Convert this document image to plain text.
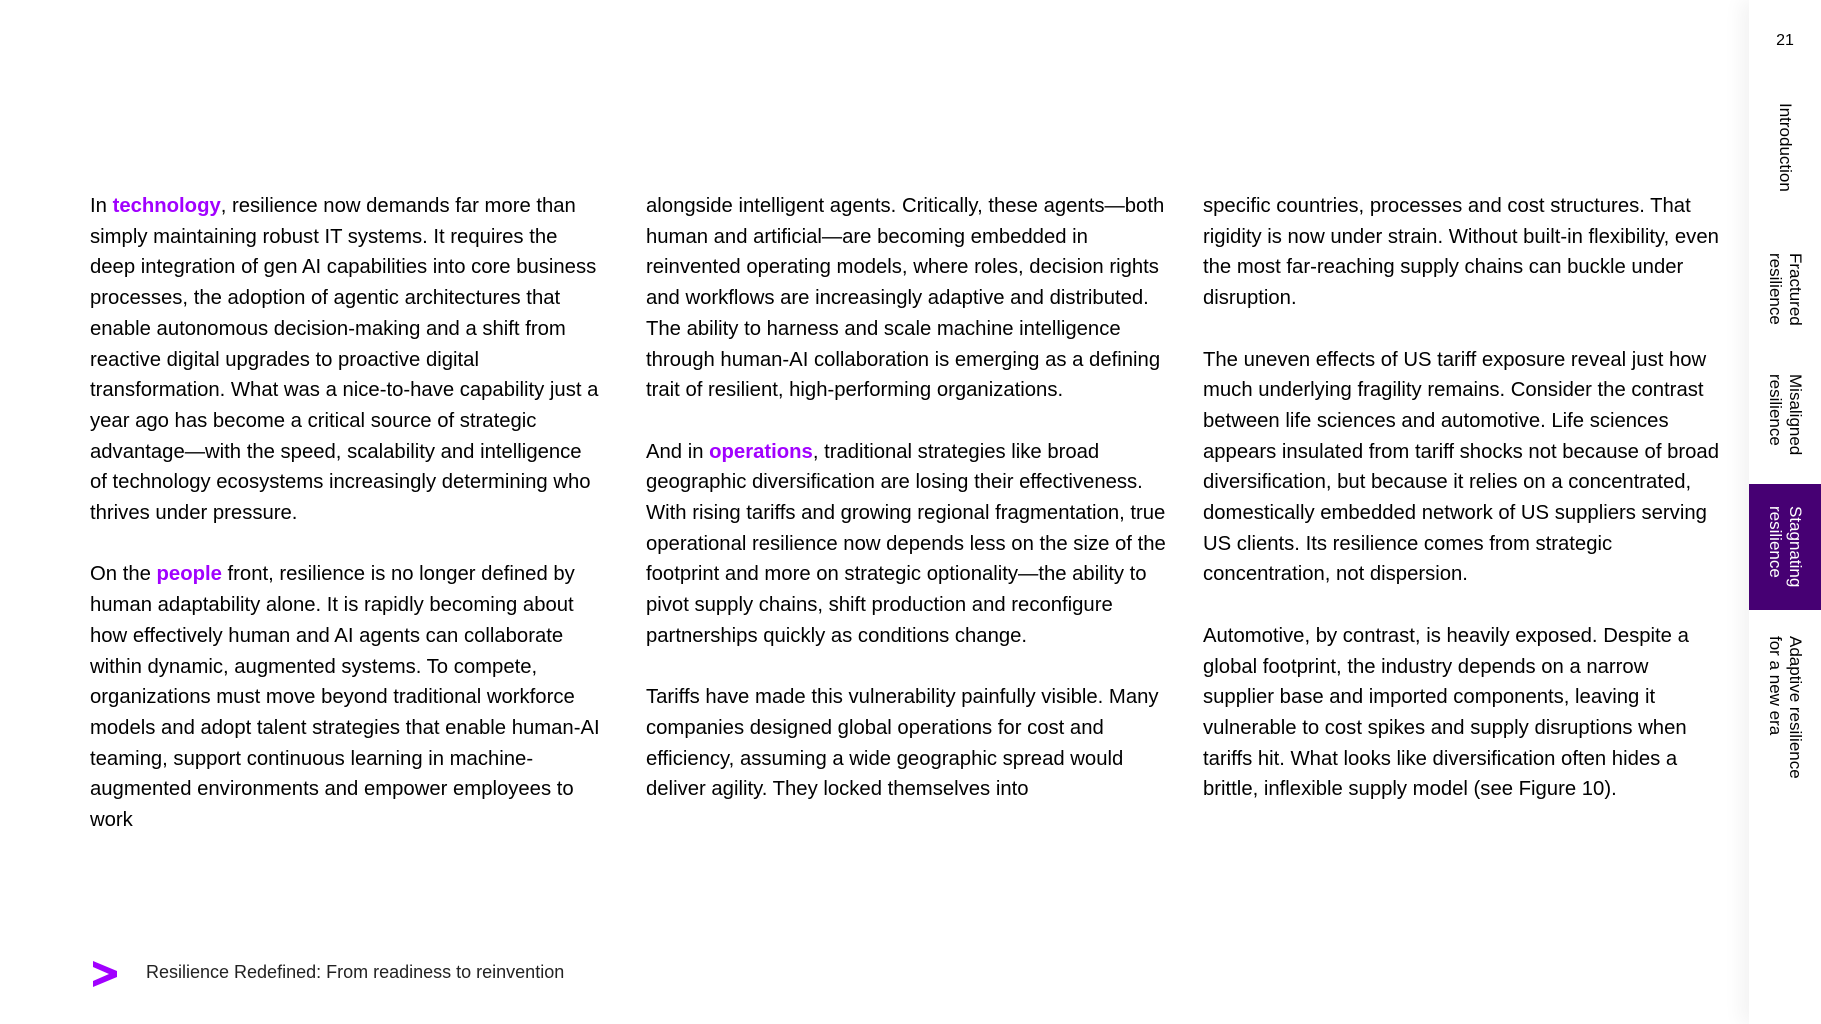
In technology, resilience now demands far more than simply maintaining robust IT systems. It requires the deep integration of gen AI capabilities into core business processes, the adoption of agentic architectures that enable autonomous decision-making and a shift from reactive digital upgrades to proactive digital transformation. What was a nice-to-have capability just a year ago has become a critical source of strategic advantage—with the speed, scalability and intelligence of technology ecosystems increasingly determining who thrives under pressure.

On the people front, resilience is no longer defined by human adaptability alone. It is rapidly becoming about how effectively human and AI agents can collaborate within dynamic, augmented systems. To compete, organizations must move beyond traditional workforce models and adopt talent strategies that enable human-AI teaming, support continuous learning in machine-augmented environments and empower employees to work

alongside intelligent agents. Critically, these agents—both human and artificial—are becoming embedded in reinvented operating models, where roles, decision rights and workflows are increasingly adaptive and distributed. The ability to harness and scale machine intelligence through human-AI collaboration is emerging as a defining trait of resilient, high-performing organizations.

And in operations, traditional strategies like broad geographic diversification are losing their effectiveness. With rising tariffs and growing regional fragmentation, true operational resilience now depends less on the size of the footprint and more on strategic optionality—the ability to pivot supply chains, shift production and reconfigure partnerships quickly as conditions change.

Tariffs have made this vulnerability painfully visible. Many companies designed global operations for cost and efficiency, assuming a wide geographic spread would deliver agility. They locked themselves into

specific countries, processes and cost structures. That rigidity is now under strain. Without built-in flexibility, even the most far-reaching supply chains can buckle under disruption.

The uneven effects of US tariff exposure reveal just how much underlying fragility remains. Consider the contrast between life sciences and automotive. Life sciences appears insulated from tariff shocks not because of broad diversification, but because it relies on a concentrated, domestically embedded network of US suppliers serving US clients. Its resilience comes from strategic concentration, not dispersion.

Automotive, by contrast, is heavily exposed. Despite a global footprint, the industry depends on a narrow supplier base and imported components, leaving it vulnerable to cost spikes and supply disruptions when tariffs hit. What looks like diversification often hides a brittle, inflexible supply model (see Figure 10).

Resilience Redefined: From readiness to reinvention
21
Introduction
Fractured
resilience
Misaligned
resilience
Stagnating
resilience
Adaptive resilience
for a new era
